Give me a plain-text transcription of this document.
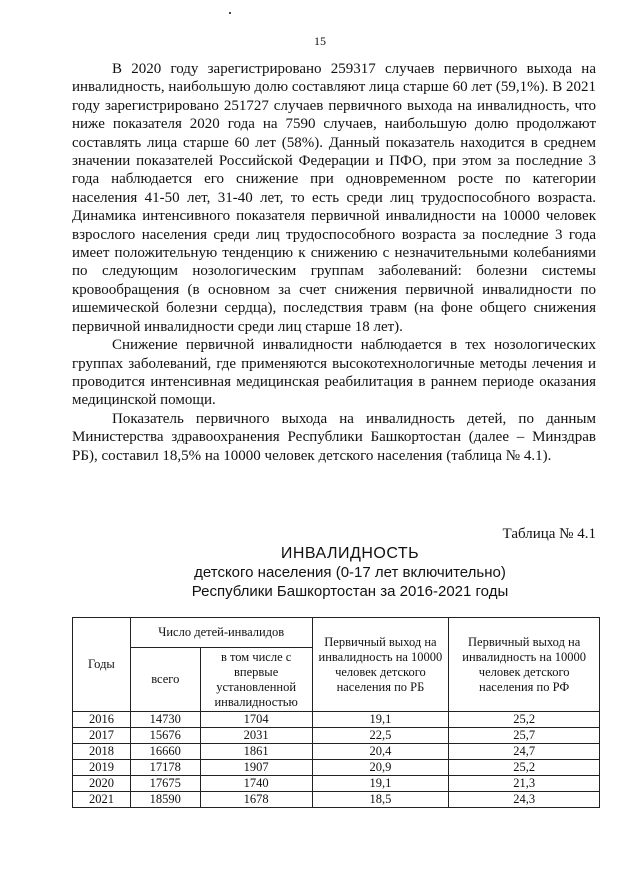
15

В 2020 году зарегистрировано 259317 случаев первичного выхода на инвалидность, наибольшую долю составляют лица старше 60 лет (59,1%). В 2021 году зарегистрировано 251727 случаев первичного выхода на инвалидность, что ниже показателя 2020 года на 7590 случаев, наибольшую долю продолжают составлять лица старше 60 лет (58%). Данный показатель находится в среднем значении показателей Российской Федерации и ПФО, при этом за последние 3 года наблюдается его снижение при одновременном росте по категории населения 41-50 лет, 31-40 лет, то есть среди лиц трудоспособного возраста. Динамика интенсивного показателя первичной инвалидности на 10000 человек взрослого населения среди лиц трудоспособного возраста за последние 3 года имеет положительную тенденцию к снижению с незначительными колебаниями по следующим нозологическим группам заболеваний: болезни системы кровообращения (в основном за счет снижения первичной инвалидности по ишемической болезни сердца), последствия травм (на фоне общего снижения первичной инвалидности среди лиц старше 18 лет).

Снижение первичной инвалидности наблюдается в тех нозологических группах заболеваний, где применяются высокотехнологичные методы лечения и проводится интенсивная медицинская реабилитация в раннем периоде оказания медицинской помощи.

Показатель первичного выхода на инвалидность детей, по данным Министерства здравоохранения Республики Башкортостан (далее – Минздрав РБ), составил 18,5% на 10000 человек детского населения (таблица № 4.1).

Таблица № 4.1
ИНВАЛИДНОСТЬ
детского населения (0-17 лет включительно)
Республики Башкортостан за 2016-2021 годы
Годы	Число детей-инвалидов		Первичный выход на инвалидность на 10000 человек детского населения по РБ	Первичный выход на инвалидность на 10000 человек детского населения по РФ
	всего	в том числе с впервые установленной инвалидностью		
2016	14730	1704	19,1	25,2
2017	15676	2031	22,5	25,7
2018	16660	1861	20,4	24,7
2019	17178	1907	20,9	25,2
2020	17675	1740	19,1	21,3
2021	18590	1678	18,5	24,3
